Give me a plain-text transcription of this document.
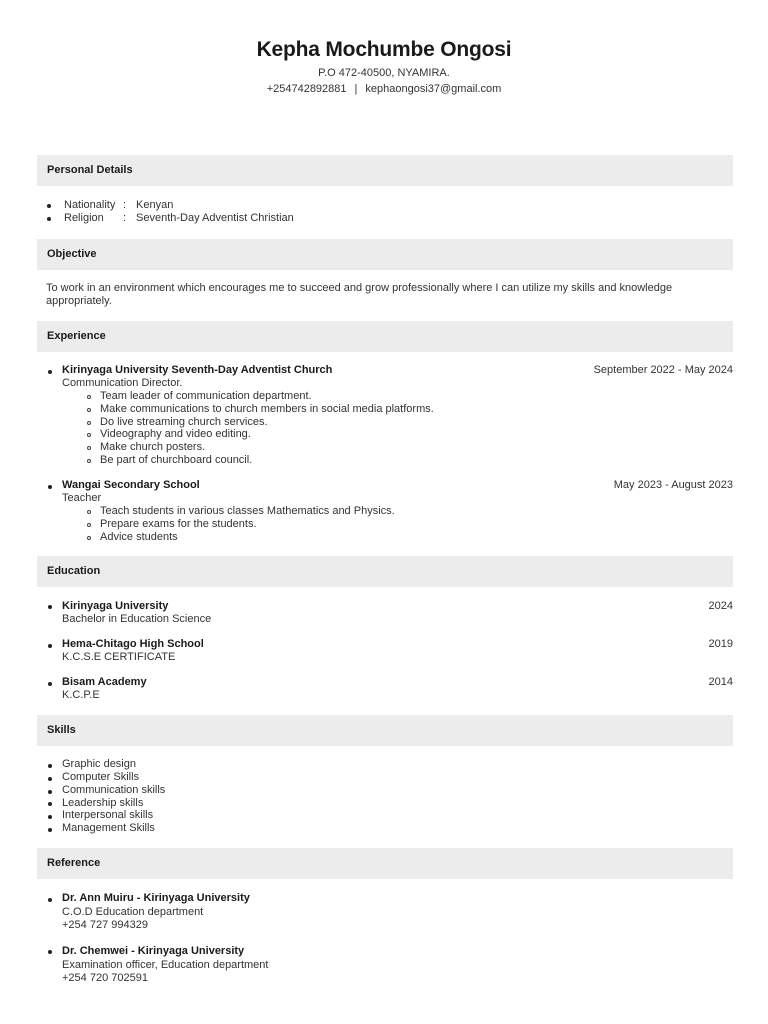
Kepha Mochumbe Ongosi
P.O 472-40500, NYAMIRA.
+254742892881 | kephaongosi37@gmail.com
Personal Details
Nationality : Kenyan
Religion : Seventh-Day Adventist Christian
Objective
To work in an environment which encourages me to succeed and grow professionally where I can utilize my skills and knowledge appropriately.
Experience
Kirinyaga University Seventh-Day Adventist Church	September 2022 - May 2024
Communication Director.
Team leader of communication department.
Make communications to church members in social media platforms.
Do live streaming church services.
Videography and video editing.
Make church posters.
Be part of churchboard council.
Wangai Secondary School	May 2023 - August 2023
Teacher
Teach students in various classes Mathematics and Physics.
Prepare exams for the students.
Advice students
Education
Kirinyaga University	2024
Bachelor in Education Science
Hema-Chitago High School	2019
K.C.S.E CERTIFICATE
Bisam Academy	2014
K.C.P.E
Skills
Graphic design
Computer Skills
Communication skills
Leadership skills
Interpersonal skills
Management Skills
Reference
Dr. Ann Muiru - Kirinyaga University
C.O.D Education department
+254 727 994329
Dr. Chemwei - Kirinyaga University
Examination officer, Education department
+254 720 702591
